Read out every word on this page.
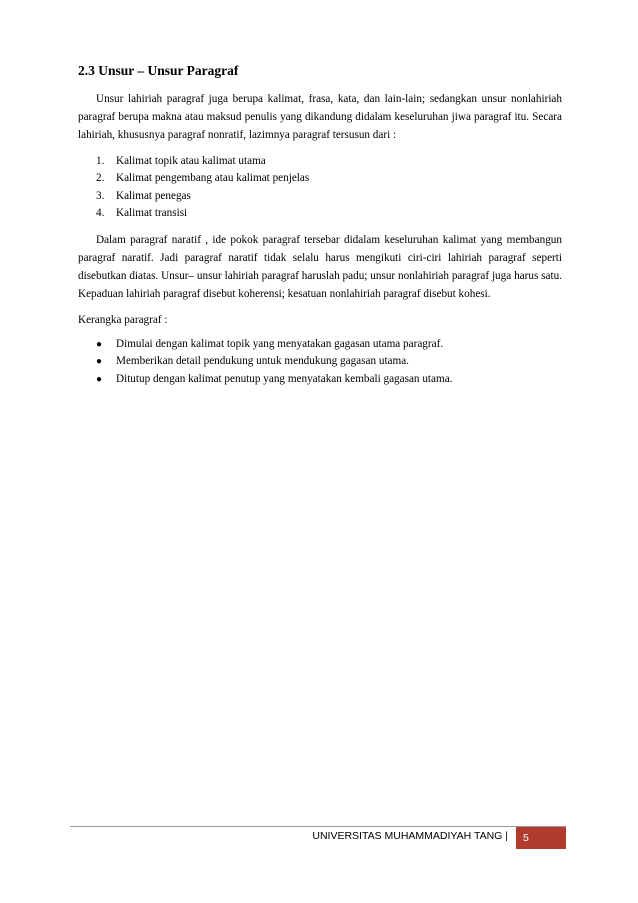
2.3 Unsur – Unsur Paragraf

Unsur lahiriah paragraf juga berupa kalimat, frasa, kata, dan lain-lain; sedangkan unsur nonlahiriah paragraf berupa makna atau maksud penulis yang dikandung didalam keseluruhan jiwa paragraf itu. Secara lahiriah, khususnya paragraf nonratif, lazimnya paragraf tersusun dari :

1.	Kalimat topik atau kalimat utama
2.	Kalimat pengembang atau kalimat penjelas
3.	Kalimat penegas
4.	Kalimat transisi

Dalam paragraf naratif , ide pokok paragraf tersebar didalam keseluruhan kalimat yang membangun paragraf naratif. Jadi paragraf naratif tidak selalu harus mengikuti ciri-ciri lahiriah paragraf seperti disebutkan diatas. Unsur– unsur lahiriah paragraf haruslah padu; unsur nonlahiriah paragraf juga harus satu. Kepaduan lahiriah paragraf disebut koherensi; kesatuan nonlahiriah paragraf disebut kohesi.

Kerangka paragraf :

●	Dimulai dengan kalimat topik yang menyatakan gagasan utama paragraf.
●	Memberikan detail pendukung untuk mendukung gagasan utama.
●	Ditutup dengan kalimat penutup yang menyatakan kembali gagasan utama.
UNIVERSITAS MUHAMMADIYAH TANG |	5
